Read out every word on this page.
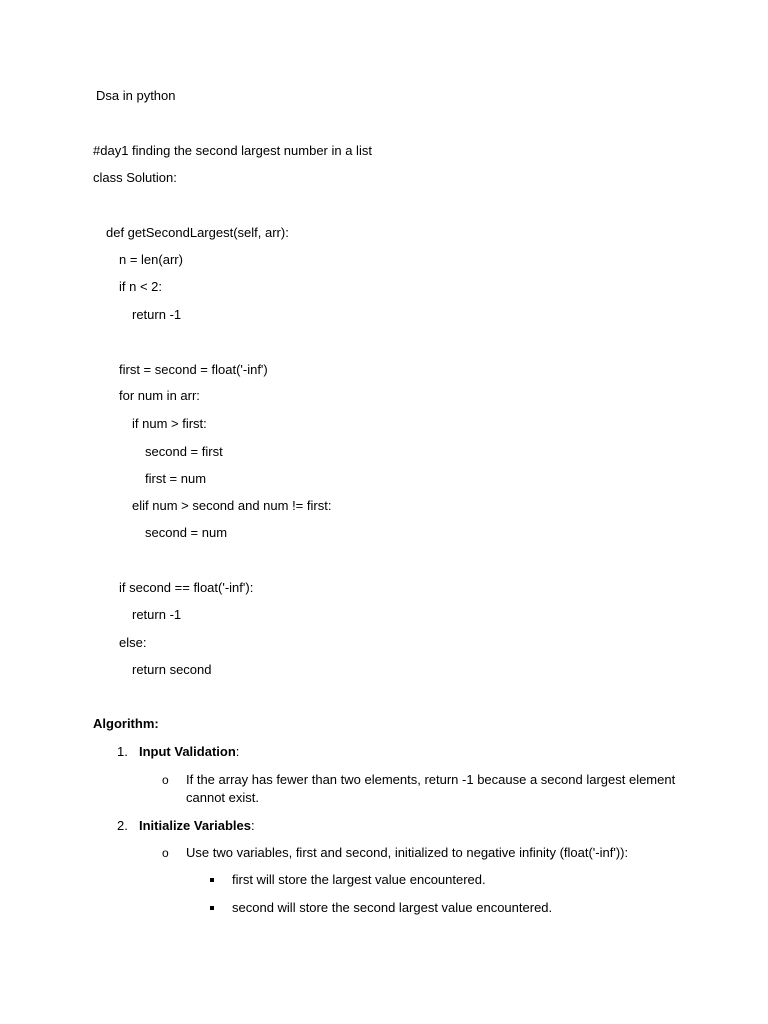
Dsa in python
#day1 finding the second largest number in a list
class Solution:
def getSecondLargest(self, arr):
n = len(arr)
if n < 2:
return -1
first = second = float('-inf')
for num in arr:
if num > first:
second = first
first = num
elif num > second and num != first:
second = num
if second == float('-inf'):
return -1
else:
return second
Algorithm:
1. Input Validation:
o If the array has fewer than two elements, return -1 because a second largest element cannot exist.
2. Initialize Variables:
o Use two variables, first and second, initialized to negative infinity (float('-inf')):
first will store the largest value encountered.
second will store the second largest value encountered.
